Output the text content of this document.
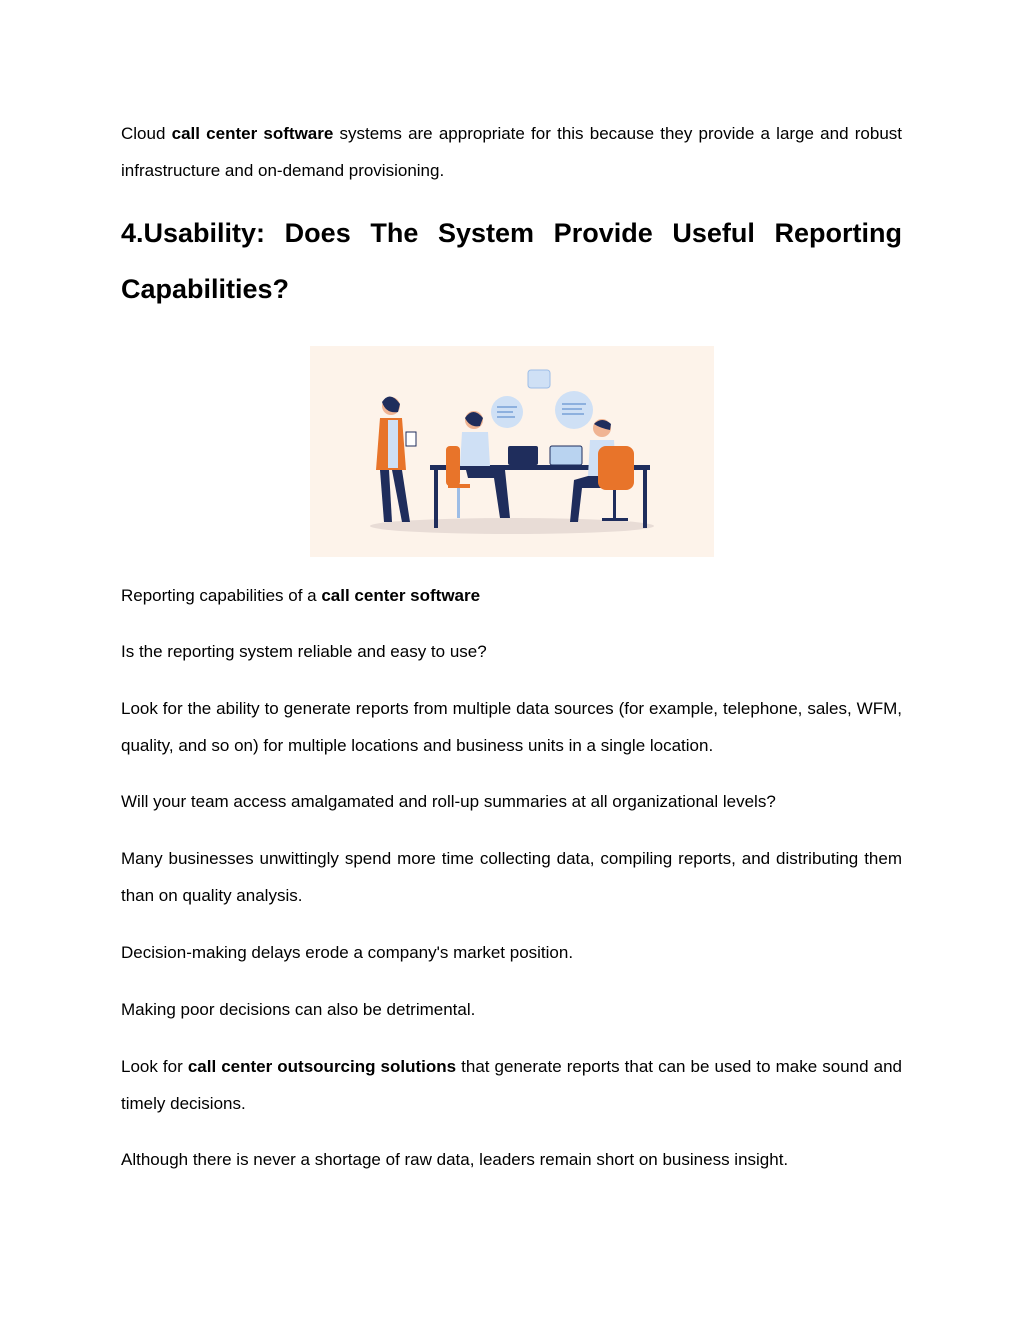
Cloud call center software systems are appropriate for this because they provide a large and robust infrastructure and on-demand provisioning.

4.Usability: Does The System Provide Useful Reporting Capabilities?

Reporting capabilities of a call center software

Is the reporting system reliable and easy to use?

Look for the ability to generate reports from multiple data sources (for example, telephone, sales, WFM, quality, and so on) for multiple locations and business units in a single location.

Will your team access amalgamated and roll-up summaries at all organizational levels?

Many businesses unwittingly spend more time collecting data, compiling reports, and distributing them than on quality analysis.

Decision-making delays erode a company's market position.

Making poor decisions can also be detrimental.

Look for call center outsourcing solutions that generate reports that can be used to make sound and timely decisions.

Although there is never a shortage of raw data, leaders remain short on business insight.
